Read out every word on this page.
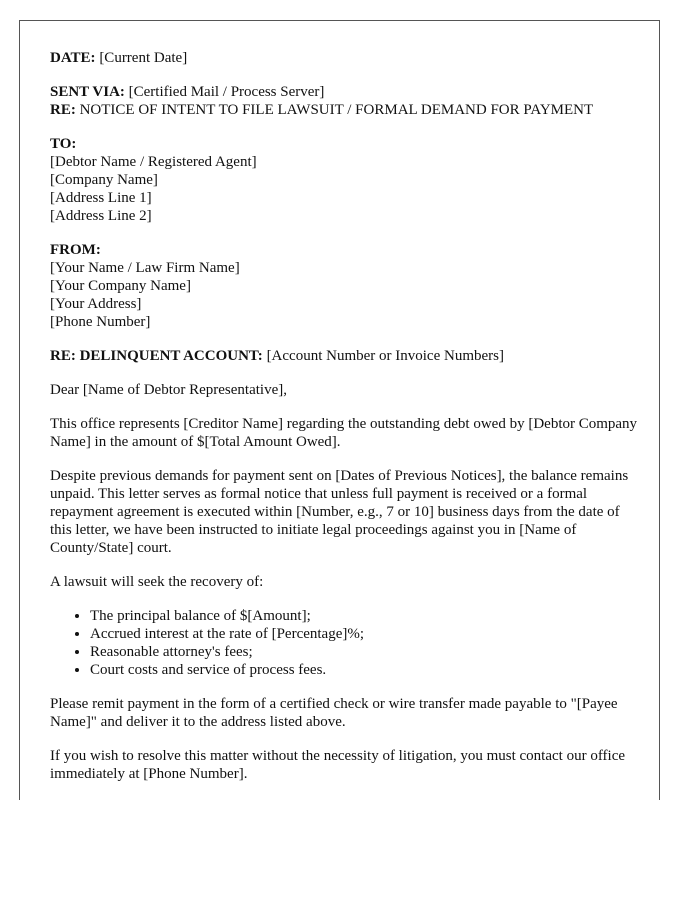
DATE: [Current Date]

SENT VIA: [Certified Mail / Process Server]
RE: NOTICE OF INTENT TO FILE LAWSUIT / FORMAL DEMAND FOR PAYMENT
TO:
[Debtor Name / Registered Agent]
[Company Name]
[Address Line 1]
[Address Line 2]
FROM:
[Your Name / Law Firm Name]
[Your Company Name]
[Your Address]
[Phone Number]

RE: DELINQUENT ACCOUNT: [Account Number or Invoice Numbers]

Dear [Name of Debtor Representative],

This office represents [Creditor Name] regarding the outstanding debt owed by [Debtor Company Name] in the amount of $[Total Amount Owed].

Despite previous demands for payment sent on [Dates of Previous Notices], the balance remains unpaid. This letter serves as formal notice that unless full payment is received or a formal repayment agreement is executed within [Number, e.g., 7 or 10] business days from the date of this letter, we have been instructed to initiate legal proceedings against you in [Name of County/State] court.

A lawsuit will seek the recovery of:

• The principal balance of $[Amount];
• Accrued interest at the rate of [Percentage]%;
• Reasonable attorney's fees;
• Court costs and service of process fees.

Please remit payment in the form of a certified check or wire transfer made payable to "[Payee Name]" and deliver it to the address listed above.

If you wish to resolve this matter without the necessity of litigation, you must contact our office immediately at [Phone Number].
